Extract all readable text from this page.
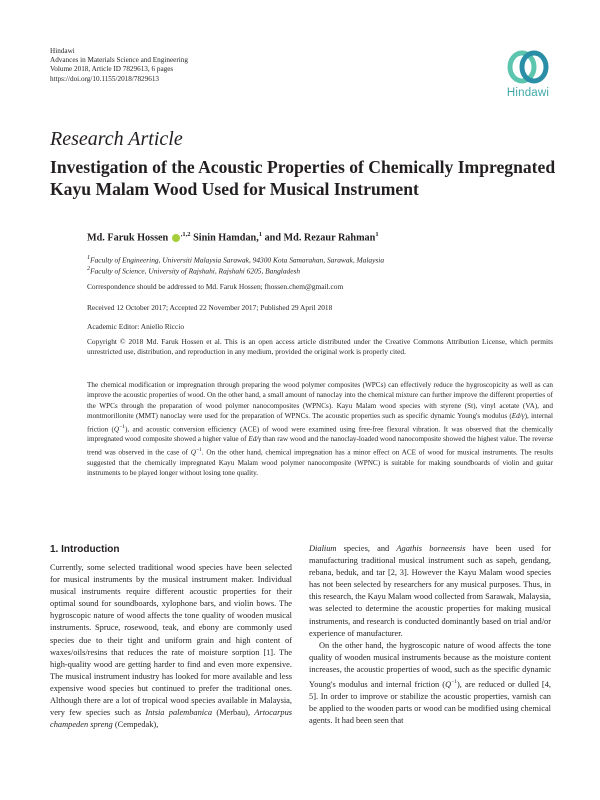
Hindawi
Advances in Materials Science and Engineering
Volume 2018, Article ID 7829613, 6 pages
https://doi.org/10.1155/2018/7829613
Hindawi
Research Article
Investigation of the Acoustic Properties of Chemically Impregnated Kayu Malam Wood Used for Musical Instrument
Md. Faruk Hossen $^{,1,2}$ Sinin Hamdan,$^1$ and Md. Rezaur Rahman$^1$
$^1$Faculty of Engineering, Universiti Malaysia Sarawak, 94300 Kota Samarahan, Sarawak, Malaysia
$^2$Faculty of Science, University of Rajshahi, Rajshahi 6205, Bangladesh
Correspondence should be addressed to Md. Faruk Hossen; fhossen.chem@gmail.com
Received 12 October 2017; Accepted 22 November 2017; Published 29 April 2018
Academic Editor: Aniello Riccio
Copyright © 2018 Md. Faruk Hossen et al. This is an open access article distributed under the Creative Commons Attribution License, which permits unrestricted use, distribution, and reproduction in any medium, provided the original work is properly cited.
The chemical modification or impregnation through preparing the wood polymer composites (WPCs) can effectively reduce the hygroscopicity as well as can improve the acoustic properties of wood. On the other hand, a small amount of nanoclay into the chemical mixture can further improve the different properties of the WPCs through the preparation of wood polymer nanocomposites (WPNCs). Kayu Malam wood species with styrene (St), vinyl acetate (VA), and montmorillonite (MMT) nanoclay were used for the preparation of WPNCs. The acoustic properties such as specific dynamic Young's modulus (Ed/γ), internal friction $(Q^{-1})$, and acoustic conversion efficiency (ACE) of wood were examined using free-free flexural vibration. It was observed that the chemically impregnated wood composite showed a higher value of Ed/γ than raw wood and the nanoclay-loaded wood nanocomposite showed the highest value. The reverse trend was observed in the case of $Q^{-1}$. On the other hand, chemical impregnation has a minor effect on ACE of wood for musical instruments. The results suggested that the chemically impregnated Kayu Malam wood polymer nanocomposite (WPNC) is suitable for making soundboards of violin and guitar instruments to be played longer without losing tone quality.
1. Introduction

Currently, some selected traditional wood species have been selected for musical instruments by the musical instrument maker. Individual musical instruments require different acoustic properties for their optimal sound for soundboards, xylophone bars, and violin bows. The hygroscopic nature of wood affects the tone quality of wooden musical instruments. Spruce, rosewood, teak, and ebony are commonly used species due to their tight and uniform grain and high content of waxes/oils/resins that reduces the rate of moisture sorption [1]. The high-quality wood are getting harder to find and even more expensive. The musical instrument industry has looked for more available and less expensive wood species but continued to prefer the traditional ones. Although there are a lot of tropical wood species available in Malaysia, very few species such as Intsia palembanica (Merbau), Artocarpus champeden spreng (Cempedak),

Dialium species, and Agathis borneensis have been used for manufacturing traditional musical instrument such as sapeh, gendang, rebana, beduk, and tar [2, 3]. However the Kayu Malam wood species has not been selected by researchers for any musical purposes. Thus, in this research, the Kayu Malam wood collected from Sarawak, Malaysia, was selected to determine the acoustic properties for making musical instruments, and research is conducted dominantly based on trial and/or experience of manufacturer.

On the other hand, the hygroscopic nature of wood affects the tone quality of wooden musical instruments because as the moisture content increases, the acoustic properties of wood, such as the specific dynamic Young's modulus and internal friction $(Q^{-1})$, are reduced or dulled [4, 5]. In order to improve or stabilize the acoustic properties, varnish can be applied to the wooden parts or wood can be modified using chemical agents. It had been seen that
